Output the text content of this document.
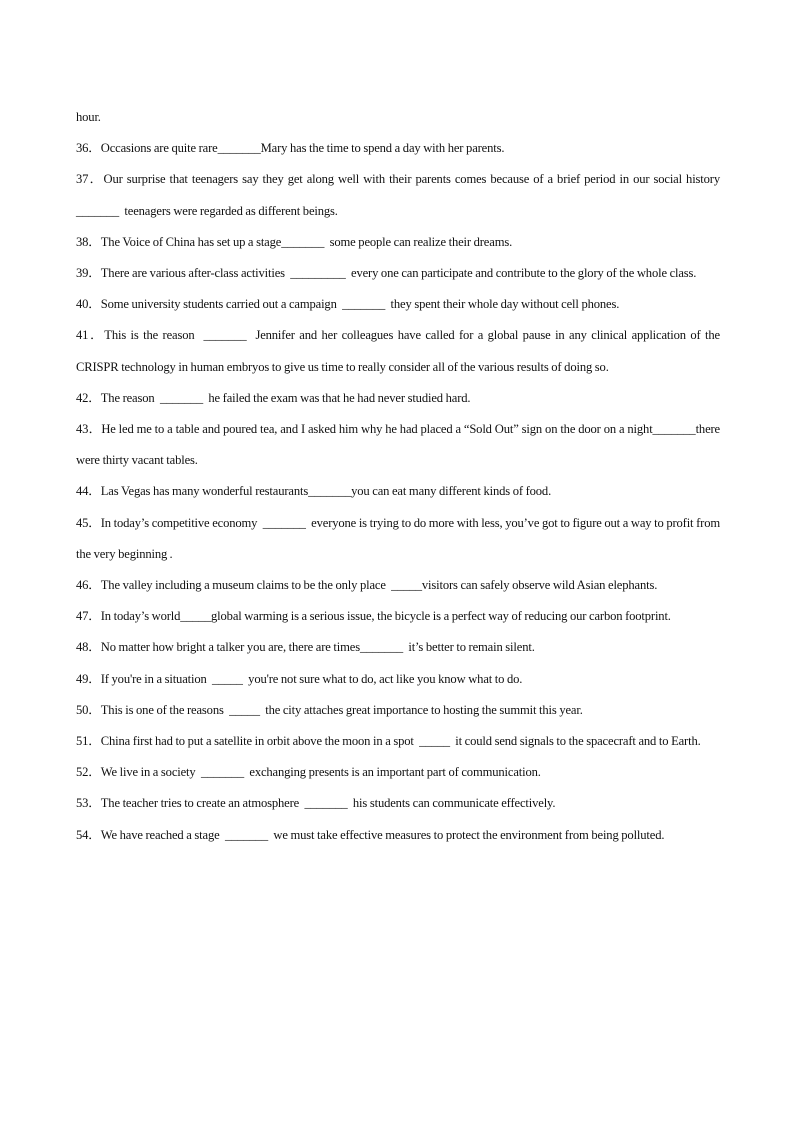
hour.

36．Occasions are quite rare_______Mary has the time to spend a day with her parents.

37．Our surprise that teenagers say they get along well with their parents comes because of a brief period in our social history  _______  teenagers were regarded as different beings.

38．The Voice of China has set up a stage_______  some people can realize their dreams.

39．There are various after-class activities  _________  every one can participate and contribute to the glory of the whole class.

40．Some university students carried out a campaign  _______  they spent their whole day without cell phones.

41．This is the reason  _______  Jennifer and her colleagues have called for a global pause in any clinical application of the CRISPR technology in human embryos to give us time to really consider all of the various results of doing so.

42．The reason  _______  he failed the exam was that he had never studied hard.

43．He led me to a table and poured tea, and I asked him why he had placed a “Sold Out” sign on the door on a night_______there were thirty vacant tables.

44．Las Vegas has many wonderful restaurants_______you can eat many different kinds of food.

45．In today’s competitive economy  _______  everyone is trying to do more with less, you’ve got to figure out a way to profit from the very beginning .

46．The valley including a museum claims to be the only place  _____visitors can safely observe wild Asian elephants.

47．In today’s world_____global warming is a serious issue, the bicycle is a perfect way of reducing our carbon footprint.

48．No matter how bright a talker you are, there are times_______  it’s better to remain silent.

49．If you're in a situation  _____  you're not sure what to do, act like you know what to do.

50．This is one of the reasons  _____  the city attaches great importance to hosting the summit this year.

51．China first had to put a satellite in orbit above the moon in a spot  _____  it could send signals to the spacecraft and to Earth.

52．We live in a society  _______  exchanging presents is an important part of communication.

53．The teacher tries to create an atmosphere  _______  his students can communicate effectively.

54．We have reached a stage  _______  we must take effective measures to protect the environment from being polluted.
